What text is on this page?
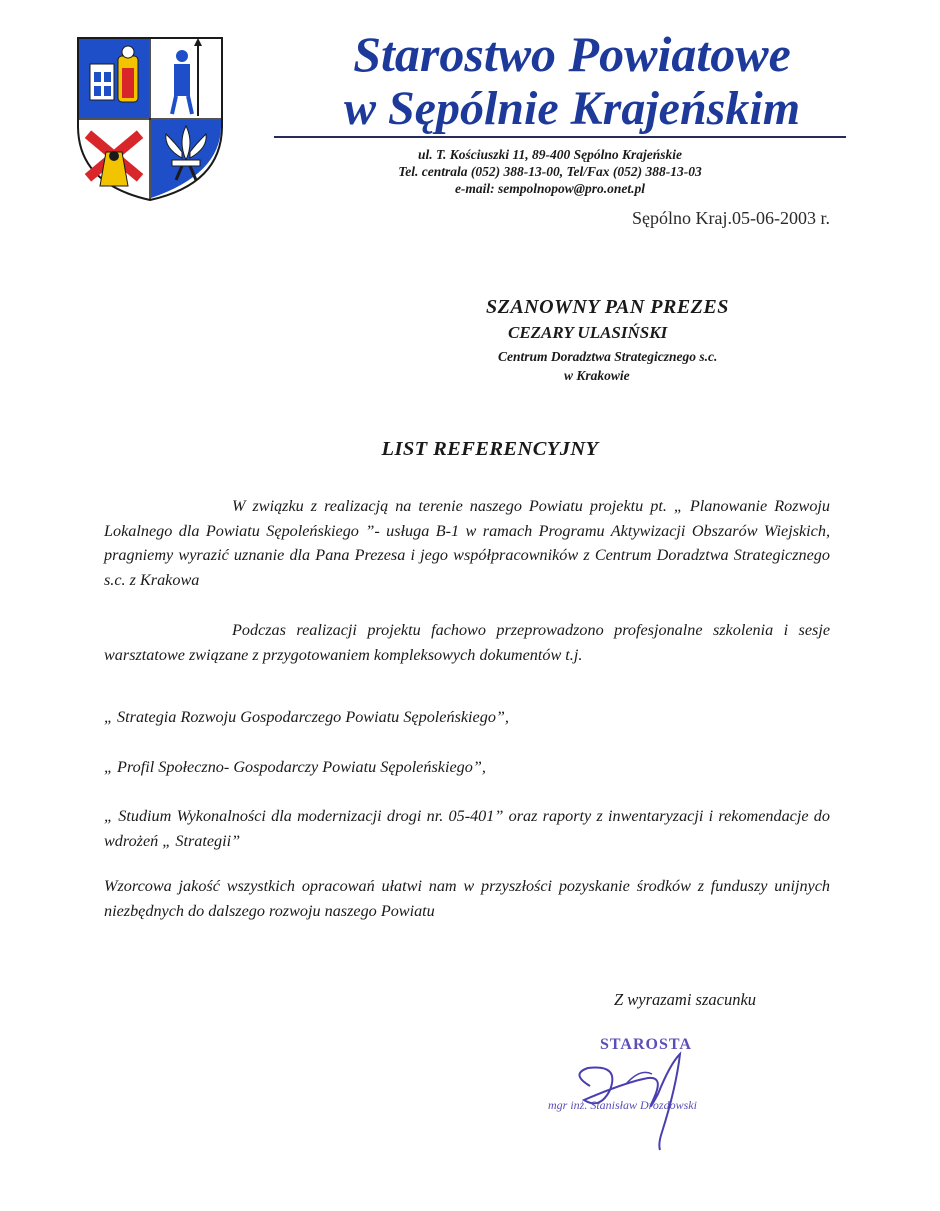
Starostwo Powiatowe
w Sępólnie Krajeńskim
ul. T. Kościuszki 11, 89-400 Sępólno Krajeńskie
Tel. centrala (052) 388-13-00, Tel/Fax (052) 388-13-03
e-mail: sempolnopow@pro.onet.pl
Sępólno Kraj.05-06-2003 r.
SZANOWNY PAN PREZES
CEZARY ULASIŃSKI
Centrum Doradztwa Strategicznego s.c.
w Krakowie
LIST REFERENCYJNY
W związku z realizacją na terenie naszego Powiatu projektu pt. „ Planowanie Rozwoju Lokalnego dla Powiatu Sępoleńskiego ”- usługa B-1 w ramach Programu Aktywizacji Obszarów Wiejskich, pragniemy wyrazić uznanie dla Pana Prezesa i jego współpracowników z Centrum Doradztwa Strategicznego s.c. z Krakowa
Podczas realizacji projektu fachowo przeprowadzono profesjonalne szkolenia i sesje warsztatowe związane z przygotowaniem kompleksowych dokumentów t.j.
„ Strategia Rozwoju Gospodarczego Powiatu Sępoleńskiego”,
„ Profil Społeczno- Gospodarczy Powiatu Sępoleńskiego”,
„ Studium Wykonalności dla modernizacji drogi nr. 05-401” oraz raporty z inwentaryzacji i rekomendacje do wdrożeń „ Strategii”
Wzorcowa jakość wszystkich opracowań ułatwi nam w przyszłości pozyskanie środków z funduszy unijnych niezbędnych do dalszego rozwoju naszego Powiatu
Z wyrazami szacunku
STAROSTA
mgr inż. Stanisław Drozdowski
